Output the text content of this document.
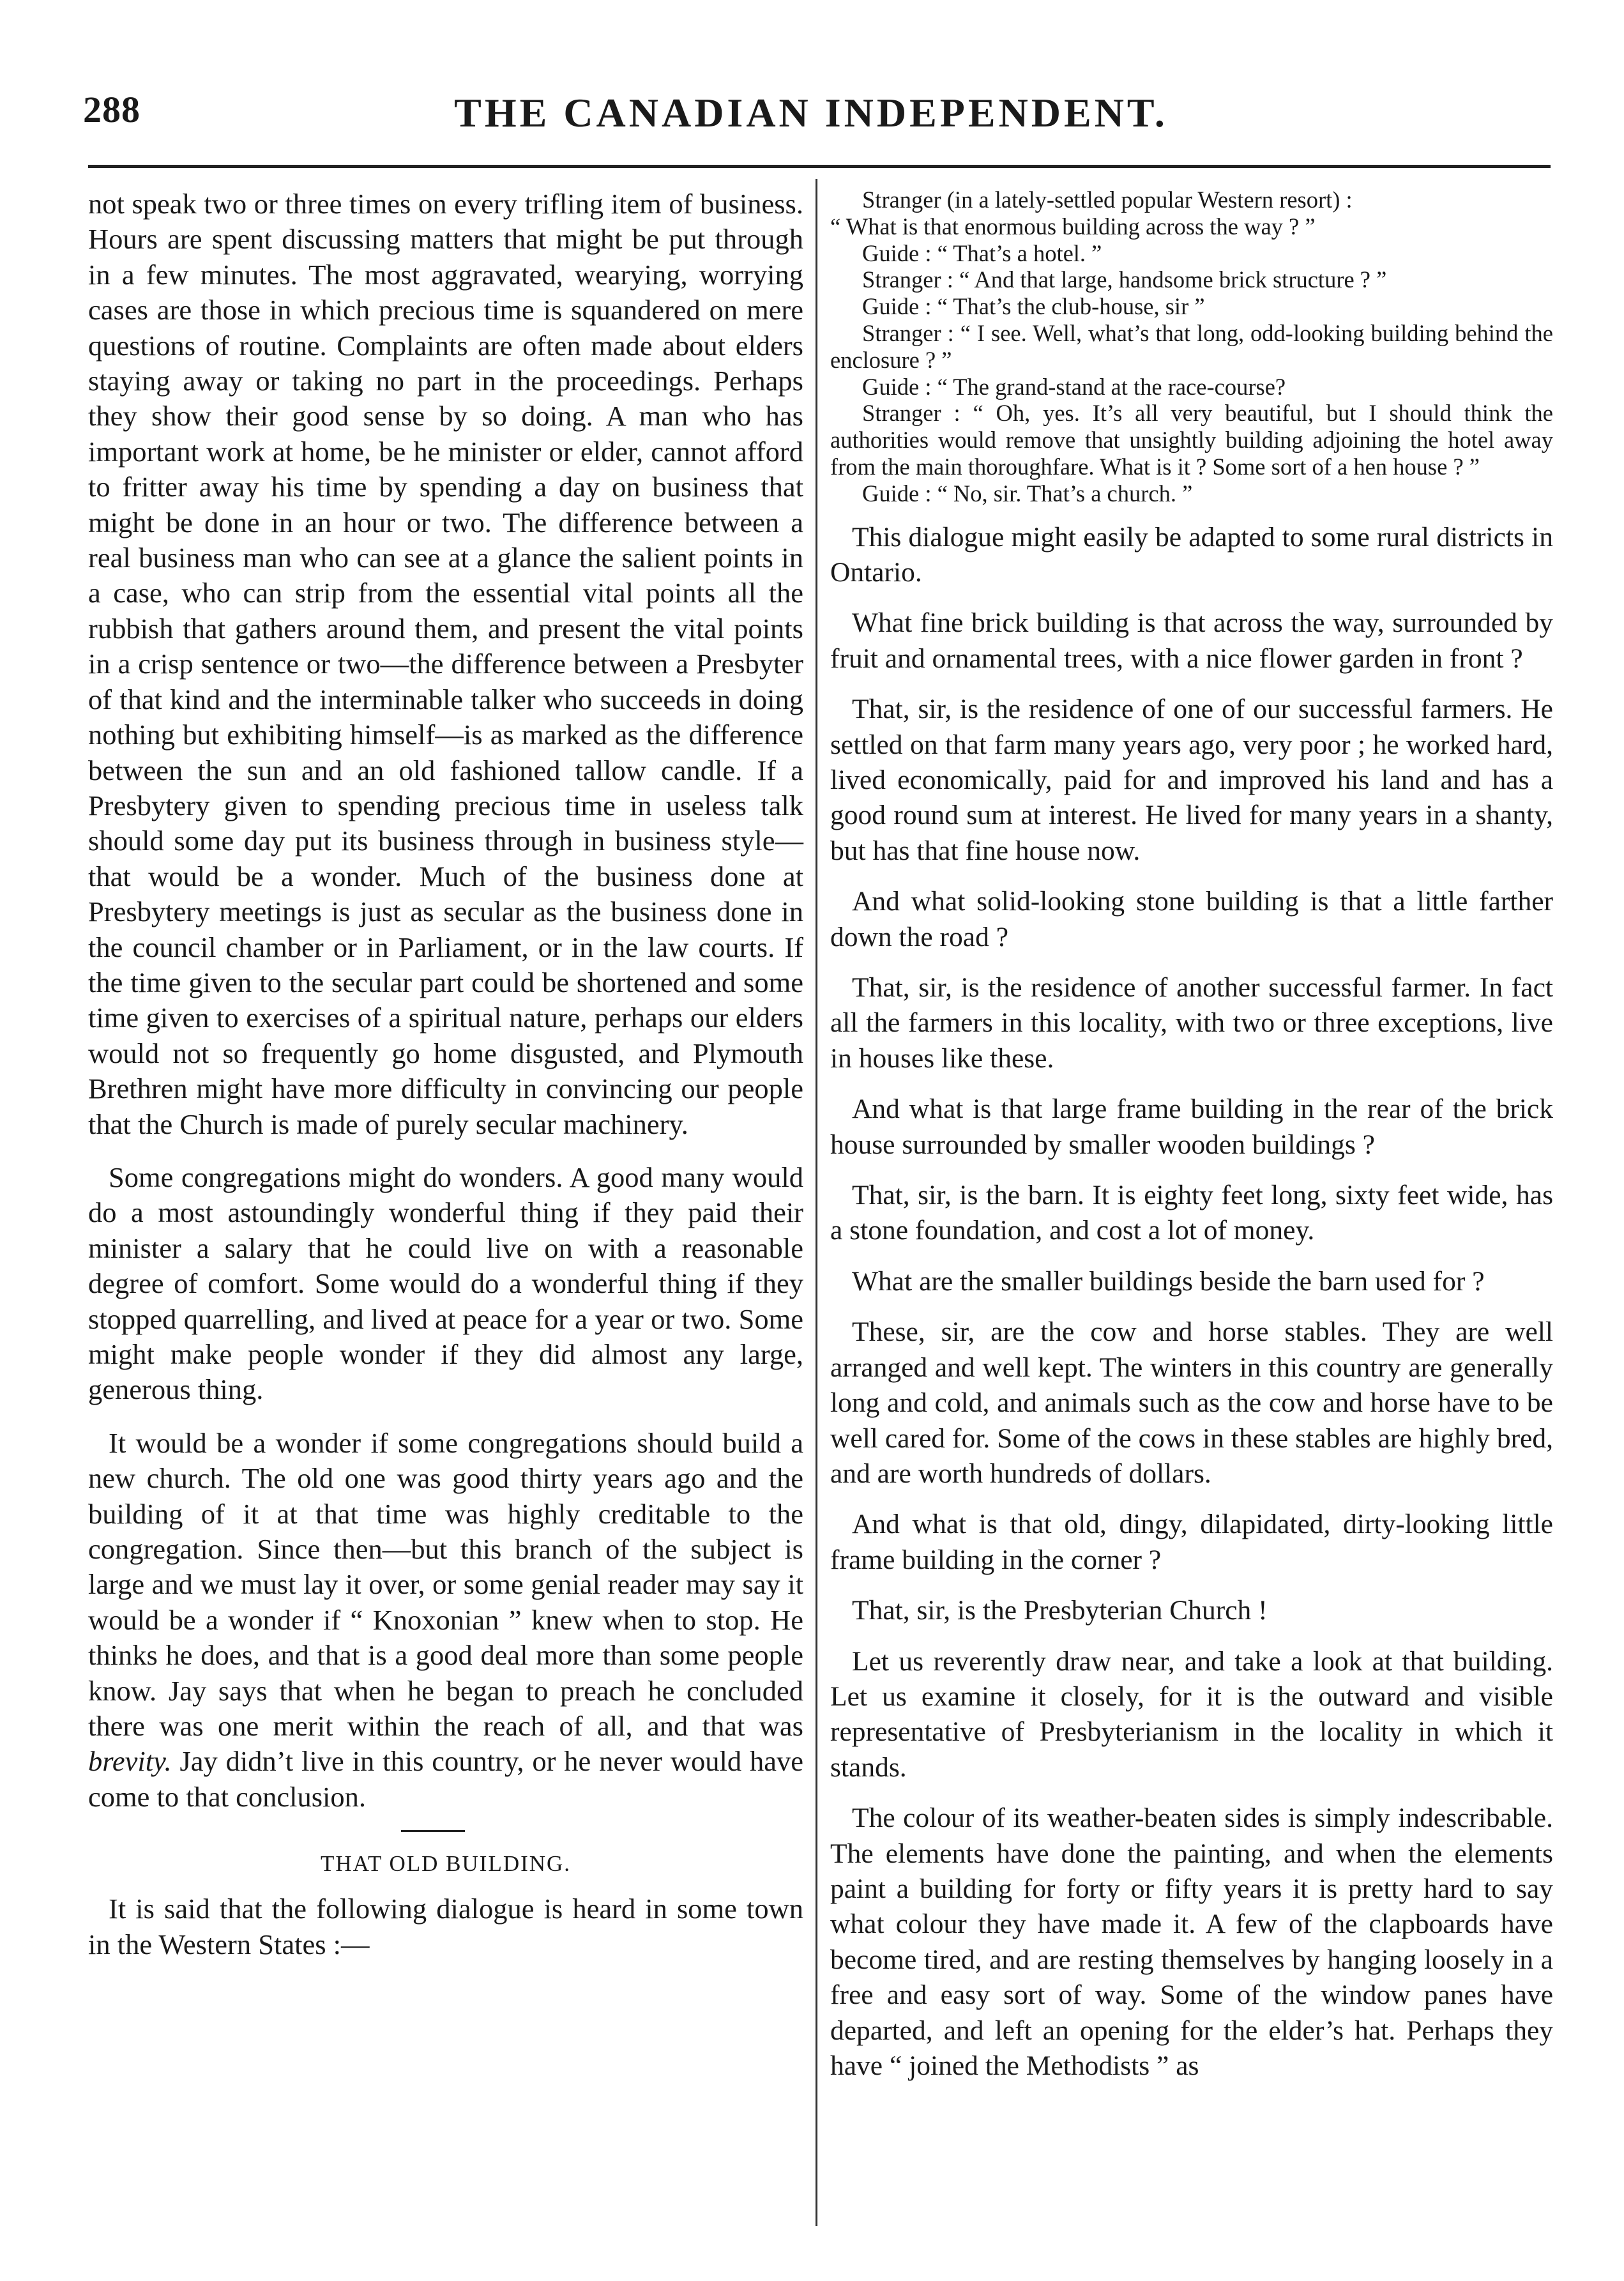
288	THE CANADIAN INDEPENDENT.

not speak two or three times on every trifling item of business. Hours are spent discussing matters that might be put through in a few minutes. The most aggravated, wearying, worrying cases are those in which precious time is squandered on mere questions of routine. Complaints are often made about elders staying away or taking no part in the proceedings. Perhaps they show their good sense by so doing. A man who has important work at home, be he minister or elder, cannot afford to fritter away his time by spending a day on business that might be done in an hour or two. The difference between a real business man who can see at a glance the salient points in a case, who can strip from the essential vital points all the rubbish that gathers around them, and present the vital points in a crisp sentence or two—the difference between a Presbyter of that kind and the interminable talker who succeeds in doing nothing but exhibiting himself—is as marked as the difference between the sun and an old fashioned tallow candle. If a Presbytery given to spending precious time in useless talk should some day put its business through in business style—that would be a wonder. Much of the business done at Presbytery meetings is just as secular as the business done in the council chamber or in Parliament, or in the law courts. If the time given to the secular part could be shortened and some time given to exercises of a spiritual nature, perhaps our elders would not so frequently go home disgusted, and Plymouth Brethren might have more difficulty in convincing our people that the Church is made of purely secular machinery.

Some congregations might do wonders. A good many would do a most astoundingly wonderful thing if they paid their minister a salary that he could live on with a reasonable degree of comfort. Some would do a wonderful thing if they stopped quarrelling, and lived at peace for a year or two. Some might make people wonder if they did almost any large, generous thing.

It would be a wonder if some congregations should build a new church. The old one was good thirty years ago and the building of it at that time was highly creditable to the congregation. Since then—but this branch of the subject is large and we must lay it over, or some genial reader may say it would be a wonder if “ Knoxonian ” knew when to stop. He thinks he does, and that is a good deal more than some people know. Jay says that when he began to preach he concluded there was one merit within the reach of all, and that was brevity. Jay didn’t live in this country, or he never would have come to that conclusion.

THAT OLD BUILDING.

It is said that the following dialogue is heard in some town in the Western States :—

Stranger (in a lately-settled popular Western resort) :
“ What is that enormous building across the way ? ”
Guide : “ That’s a hotel. ”
Stranger : “ And that large, handsome brick structure ? ”
Guide : “ That’s the club-house, sir ”
Stranger : “ I see. Well, what’s that long, odd-looking building behind the enclosure ? ”
Guide : “ The grand-stand at the race-course?
Stranger : “ Oh, yes. It’s all very beautiful, but I should think the authorities would remove that unsightly building adjoining the hotel away from the main thoroughfare. What is it ? Some sort of a hen house ? ”
Guide : “ No, sir. That’s a church. ”

This dialogue might easily be adapted to some rural districts in Ontario.

What fine brick building is that across the way, surrounded by fruit and ornamental trees, with a nice flower garden in front ?

That, sir, is the residence of one of our successful farmers. He settled on that farm many years ago, very poor ; he worked hard, lived economically, paid for and improved his land and has a good round sum at interest. He lived for many years in a shanty, but has that fine house now.

And what solid-looking stone building is that a little farther down the road ?

That, sir, is the residence of another successful farmer. In fact all the farmers in this locality, with two or three exceptions, live in houses like these.

And what is that large frame building in the rear of the brick house surrounded by smaller wooden buildings ?

That, sir, is the barn. It is eighty feet long, sixty feet wide, has a stone foundation, and cost a lot of money.

What are the smaller buildings beside the barn used for ?

These, sir, are the cow and horse stables. They are well arranged and well kept. The winters in this country are generally long and cold, and animals such as the cow and horse have to be well cared for. Some of the cows in these stables are highly bred, and are worth hundreds of dollars.

And what is that old, dingy, dilapidated, dirty-looking little frame building in the corner ?

That, sir, is the Presbyterian Church !

Let us reverently draw near, and take a look at that building. Let us examine it closely, for it is the outward and visible representative of Presbyterianism in the locality in which it stands.

The colour of its weather-beaten sides is simply indescribable. The elements have done the painting, and when the elements paint a building for forty or fifty years it is pretty hard to say what colour they have made it. A few of the clapboards have become tired, and are resting themselves by hanging loosely in a free and easy sort of way. Some of the window panes have departed, and left an opening for the elder’s hat. Perhaps they have “ joined the Methodists ” as
